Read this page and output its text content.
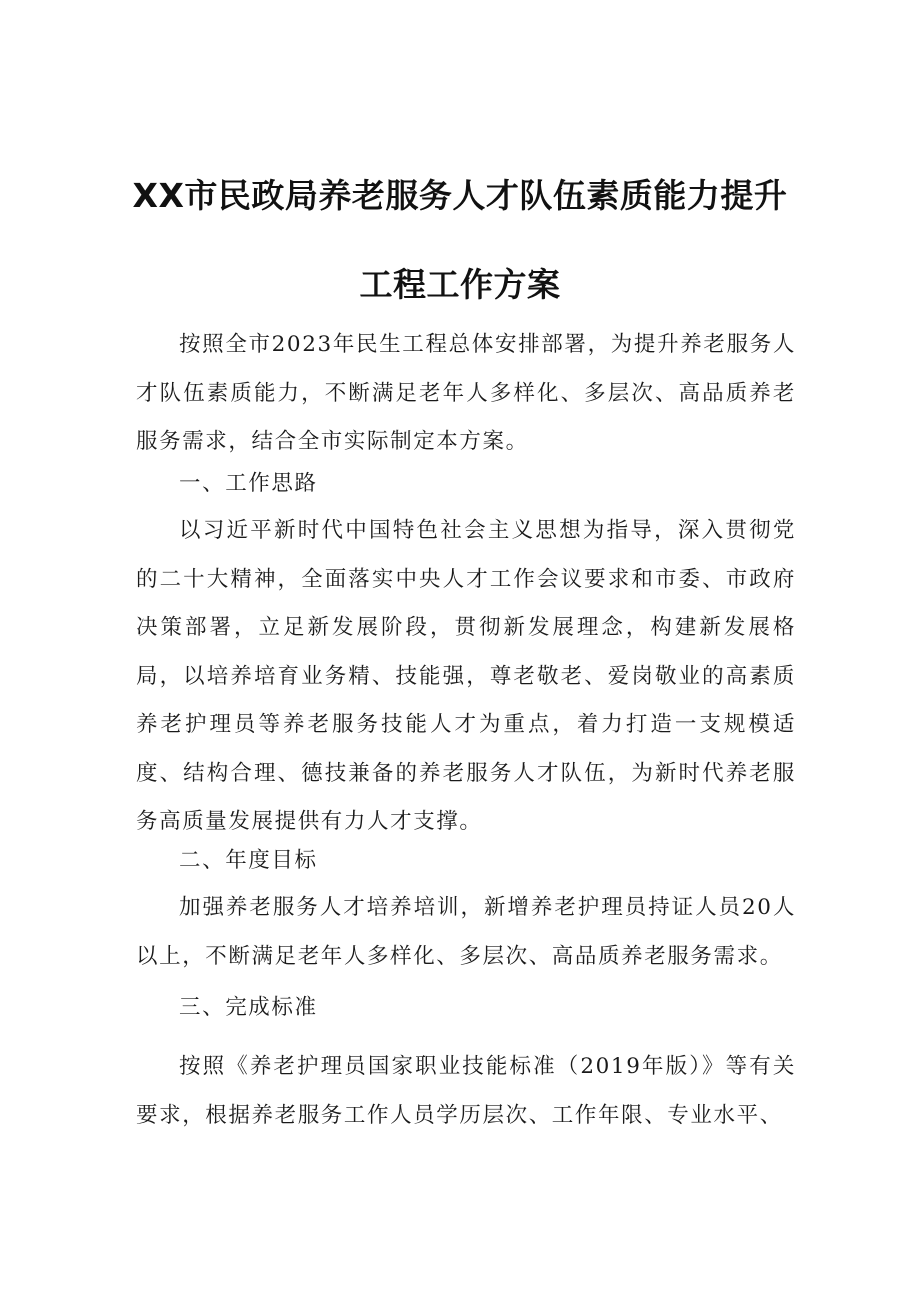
XX市民政局养老服务人才队伍素质能力提升
工程工作方案

按照全市2023年民生工程总体安排部署，为提升养老服务人才队伍素质能力，不断满足老年人多样化、多层次、高品质养老服务需求，结合全市实际制定本方案。

一、工作思路

以习近平新时代中国特色社会主义思想为指导，深入贯彻党的二十大精神，全面落实中央人才工作会议要求和市委、市政府决策部署，立足新发展阶段，贯彻新发展理念，构建新发展格局，以培养培育业务精、技能强，尊老敬老、爱岗敬业的高素质养老护理员等养老服务技能人才为重点，着力打造一支规模适度、结构合理、德技兼备的养老服务人才队伍，为新时代养老服务高质量发展提供有力人才支撑。

二、年度目标

加强养老服务人才培养培训，新增养老护理员持证人员20人以上，不断满足老年人多样化、多层次、高品质养老服务需求。

三、完成标准

按照《养老护理员国家职业技能标准（2019年版）》等有关要求，根据养老服务工作人员学历层次、工作年限、专业水平、
